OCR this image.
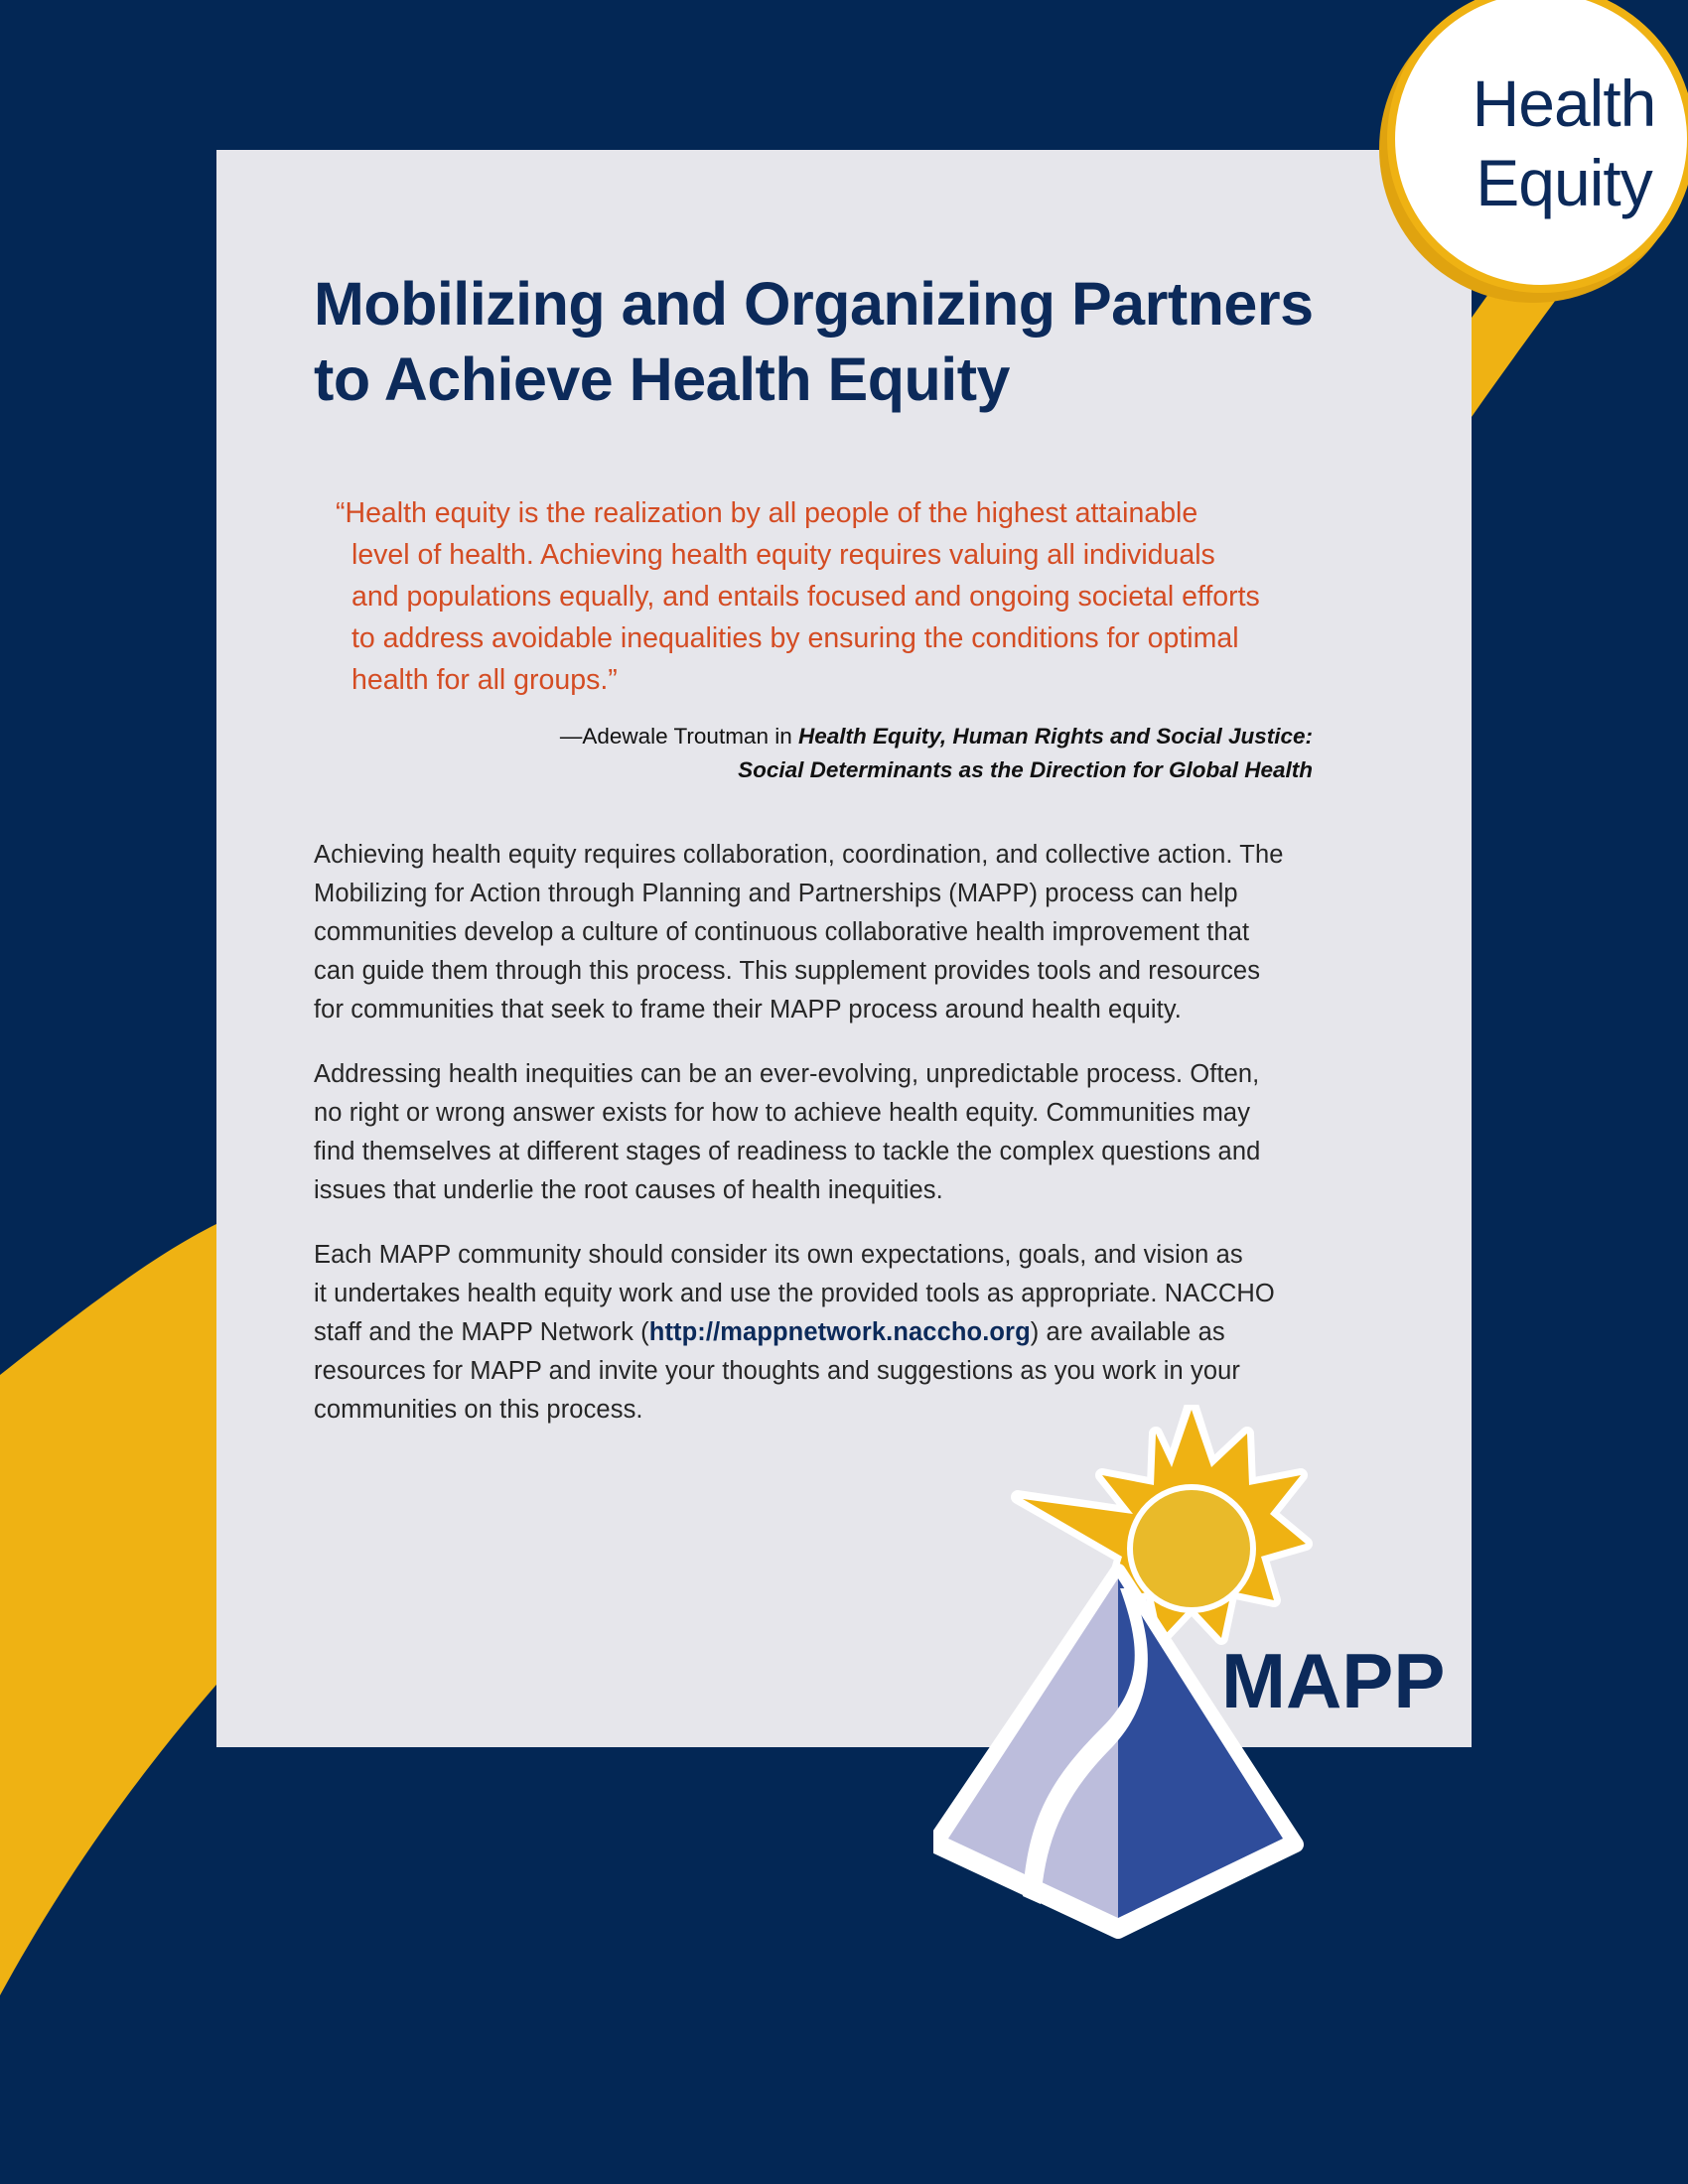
Mobilizing and Organizing Partners
to Achieve Health Equity
“Health equity is the realization by all people of the highest attainable
level of health. Achieving health equity requires valuing all individuals
and populations equally, and entails focused and ongoing societal efforts
to address avoidable inequalities by ensuring the conditions for optimal
health for all groups.”
—Adewale Troutman in Health Equity, Human Rights and Social Justice:
Social Determinants as the Direction for Global Health
Achieving health equity requires collaboration, coordination, and collective action. The
Mobilizing for Action through Planning and Partnerships (MAPP) process can help
communities develop a culture of continuous collaborative health improvement that
can guide them through this process. This supplement provides tools and resources
for communities that seek to frame their MAPP process around health equity.
Addressing health inequities can be an ever-evolving, unpredictable process. Often,
no right or wrong answer exists for how to achieve health equity. Communities may
find themselves at different stages of readiness to tackle the complex questions and
issues that underlie the root causes of health inequities.
Each MAPP community should consider its own expectations, goals, and vision as
it undertakes health equity work and use the provided tools as appropriate. NACCHO
staff and the MAPP Network (http://mappnetwork.naccho.org) are available as
resources for MAPP and invite your thoughts and suggestions as you work in your
communities on this process.
Health
Equity
MAPP
